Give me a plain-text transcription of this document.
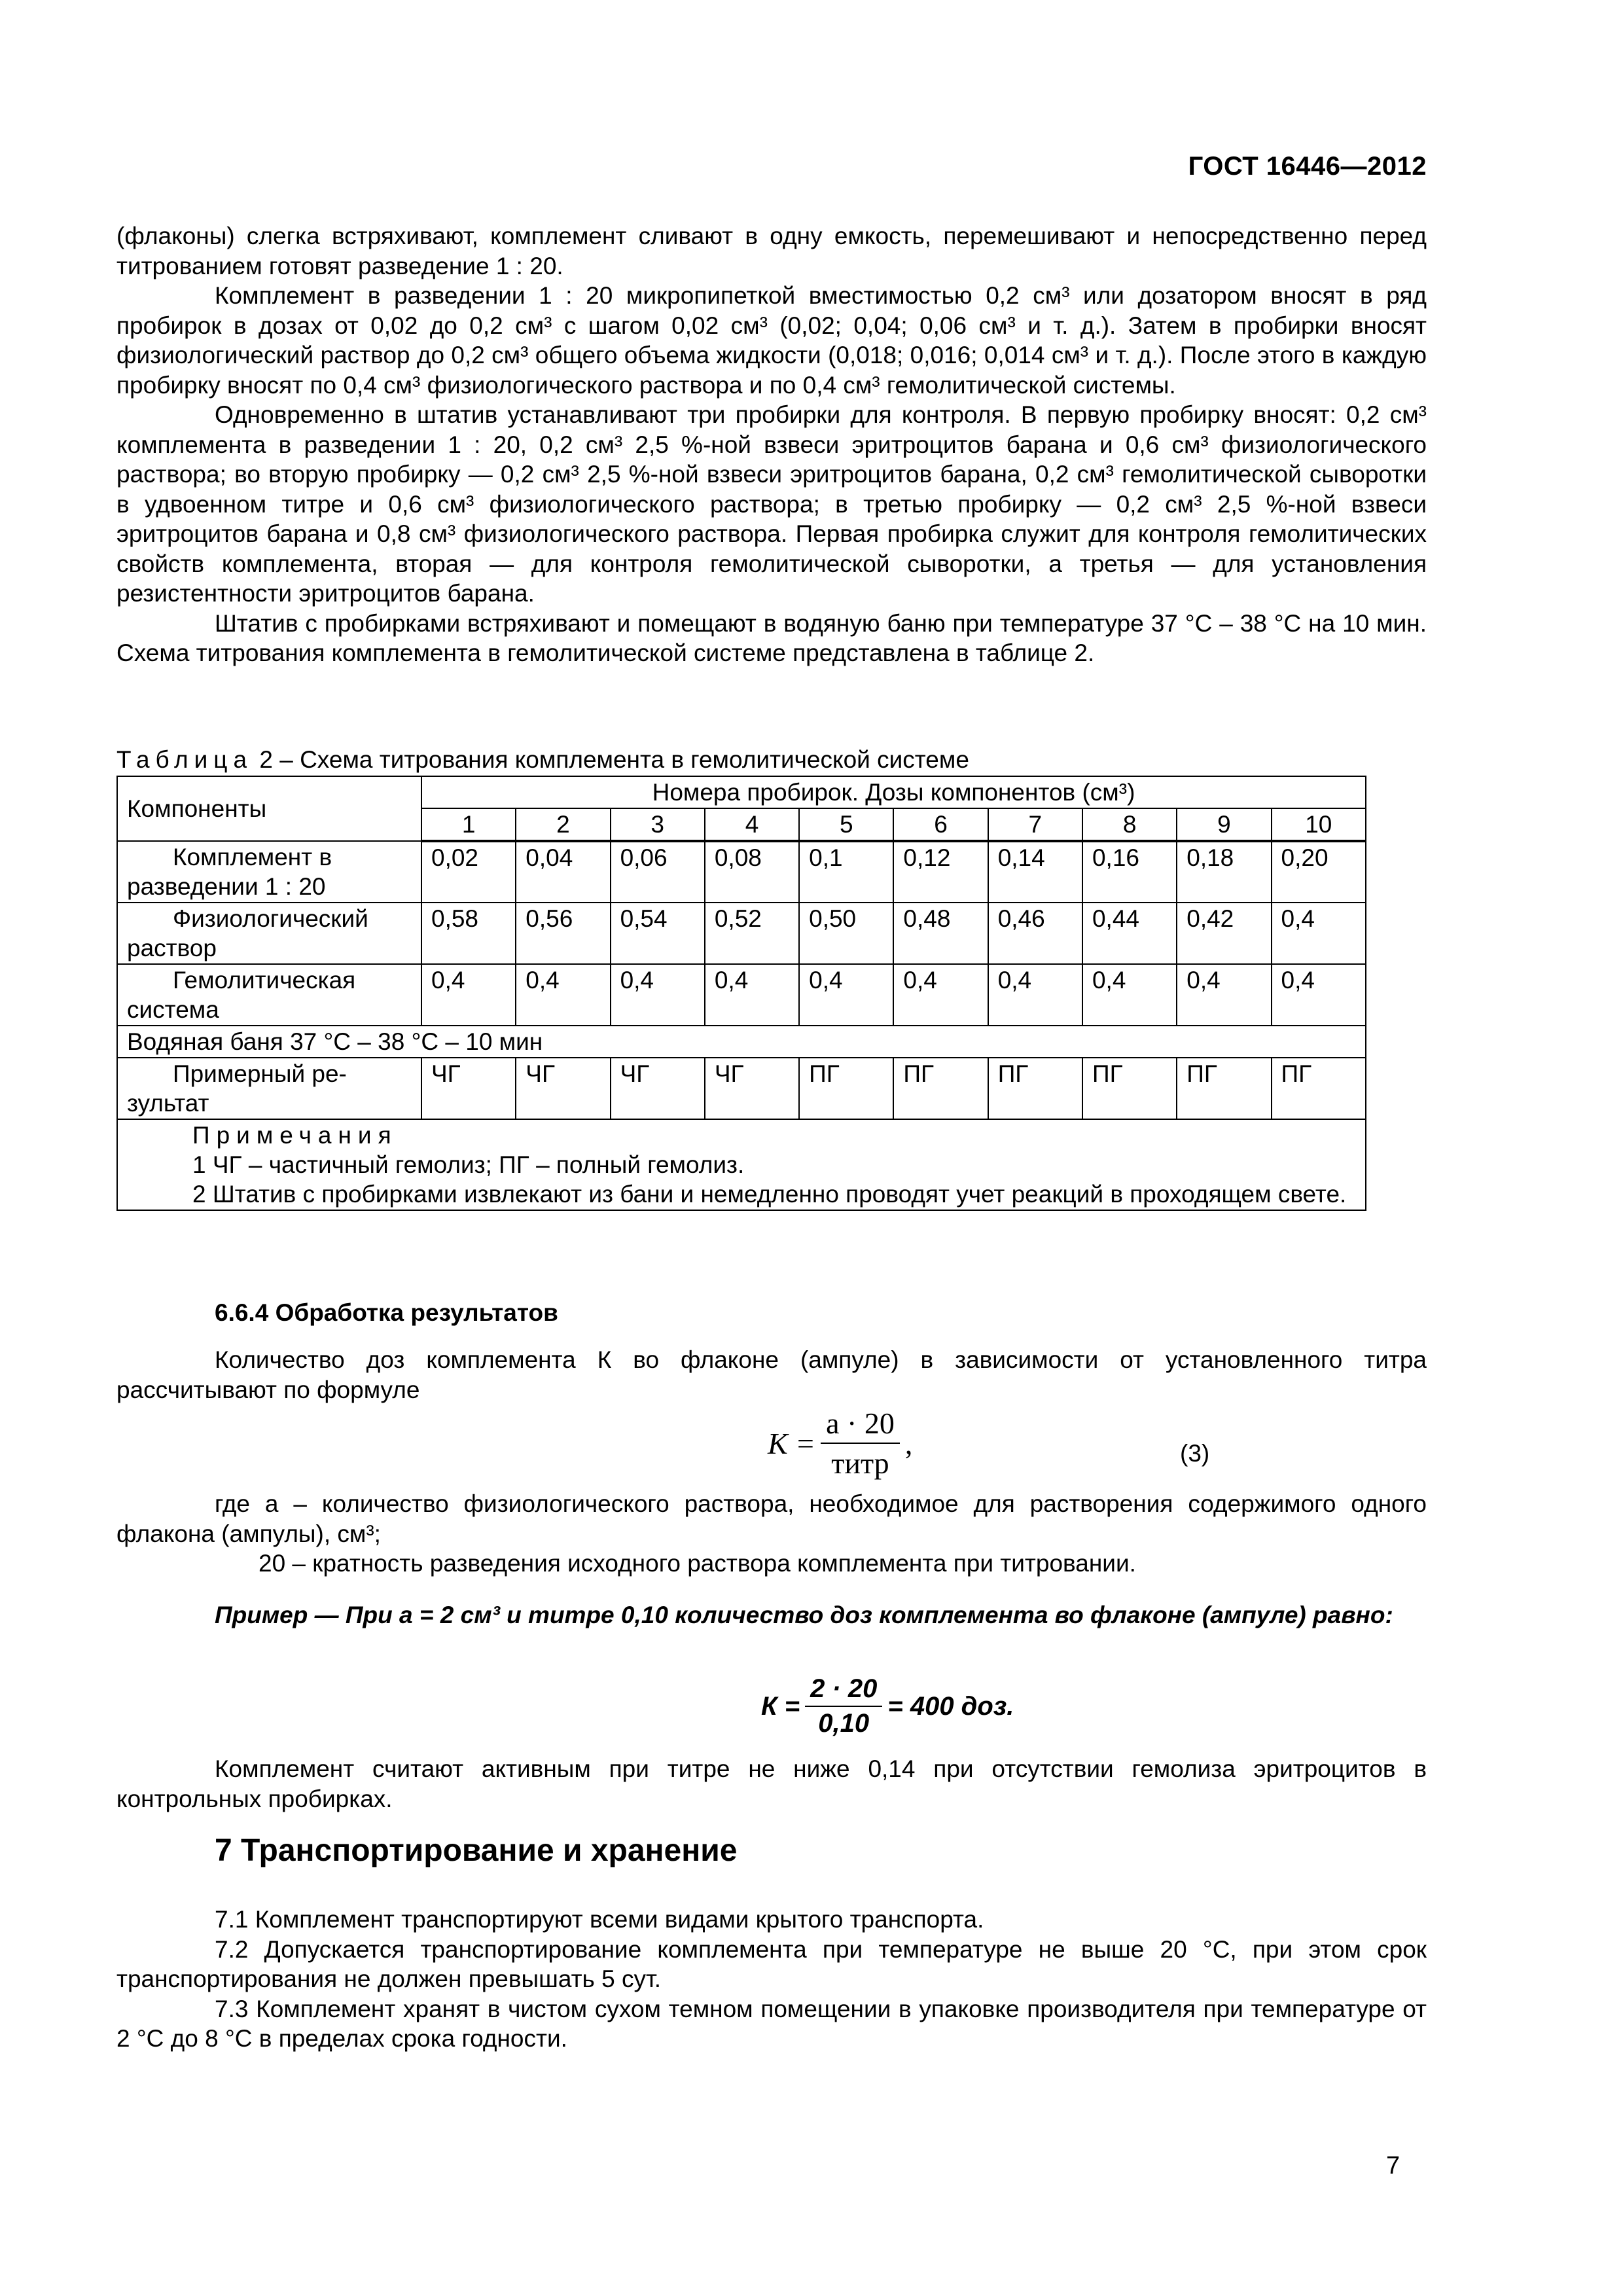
ГОСТ 16446—2012

(флаконы) слегка встряхивают, комплемент сливают в одну емкость, перемешивают и непосредственно перед титрованием готовят разведение 1 : 20.

Комплемент в разведении 1 : 20 микропипеткой вместимостью 0,2 см³ или дозатором вносят в ряд пробирок в дозах от 0,02 до 0,2 см³ с шагом 0,02 см³ (0,02; 0,04; 0,06 см³ и т. д.). Затем в пробирки вносят физиологический раствор до 0,2 см³ общего объема жидкости (0,018; 0,016; 0,014 см³ и т. д.). После этого в каждую пробирку вносят по 0,4 см³ физиологического раствора и по 0,4 см³ гемолитической системы.

Одновременно в штатив устанавливают три пробирки для контроля. В первую пробирку вносят: 0,2 см³ комплемента в разведении 1 : 20, 0,2 см³ 2,5 %-ной взвеси эритроцитов барана и 0,6 см³ физиологического раствора; во вторую пробирку — 0,2 см³ 2,5 %-ной взвеси эритроцитов барана, 0,2 см³ гемолитической сыворотки в удвоенном титре и 0,6 см³ физиологического раствора; в третью пробирку — 0,2 см³ 2,5 %-ной взвеси эритроцитов барана и 0,8 см³ физиологического раствора. Первая пробирка служит для контроля гемолитических свойств комплемента, вторая — для контроля гемолитической сыворотки, а третья — для установления резистентности эритроцитов барана.

Штатив с пробирками встряхивают и помещают в водяную баню при температуре 37 °С – 38 °С на 10 мин. Схема титрования комплемента в гемолитической системе представлена в таблице 2.

Таблица 2 – Схема титрования комплемента в гемолитической системе
Компоненты	Номера пробирок. Дозы компонентов (см³)									
	1	2	3	4	5	6	7	8	9	10

Комплемент в
разведении 1 : 20	0,02	0,04	0,06	0,08	0,1	0,12	0,14	0,16	0,18	0,20

Физиологический
раствор	0,58	0,56	0,54	0,52	0,50	0,48	0,46	0,44	0,42	0,4

Гемолитическая
система	0,4	0,4	0,4	0,4	0,4	0,4	0,4	0,4	0,4	0,4
Водяная баня 37 °С – 38 °С – 10 мин										

Примерный ре-
зультат	ЧГ	ЧГ	ЧГ	ЧГ	ПГ	ПГ	ПГ	ПГ	ПГ	ПГ

Примечания
1 ЧГ – частичный гемолиз; ПГ – полный гемолиз.
2 Штатив с пробирками извлекают из бани и немедленно проводят учет реакций в проходящем свете.										
6.6.4 Обработка результатов

Количество доз комплемента К во флаконе (ампуле) в зависимости от установленного титра рассчитывают по формуле

$К = \frac{a \cdot 20}{\text{титр}}$ ,	(3)

где a – количество физиологического раствора, необходимое для растворения содержимого одного флакона (ампулы), см³;

20 – кратность разведения исходного раствора комплемента при титровании.

Пример — При а = 2 см³ и титре 0,10 количество доз комплемента во флаконе (ампуле) равно:

$К = \frac{2 \cdot 20}{0,10} = 400$ доз.

Комплемент считают активным при титре не ниже 0,14 при отсутствии гемолиза эритроцитов в контрольных пробирках.

7 Транспортирование и хранение

7.1 Комплемент транспортируют всеми видами крытого транспорта.

7.2 Допускается транспортирование комплемента при температуре не выше 20 °С, при этом срок транспортирования не должен превышать 5 сут.

7.3 Комплемент хранят в чистом сухом темном помещении в упаковке производителя при температуре от 2 °С до 8 °С в пределах срока годности.

7
